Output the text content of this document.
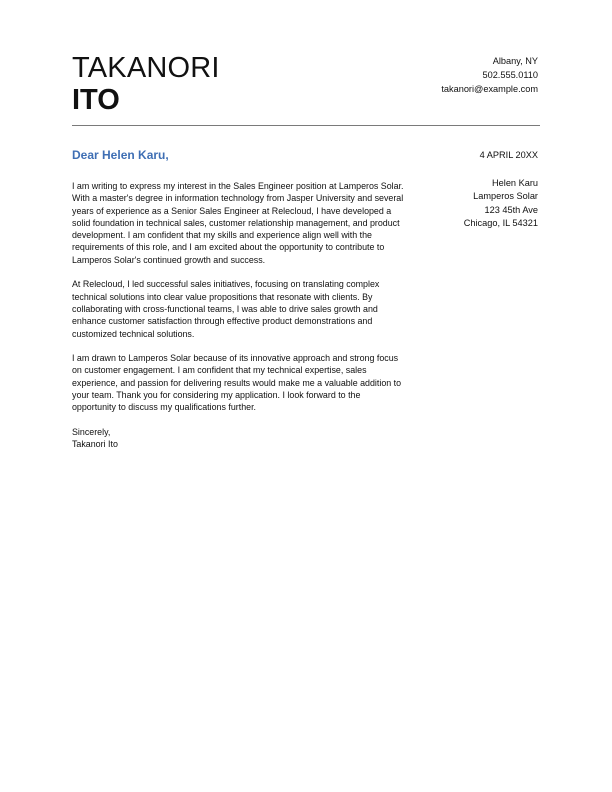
TAKANORI
ITO
Albany, NY
502.555.0110
takanori@example.com
Dear Helen Karu,	4 APRIL 20XX
Helen Karu
Lamperos Solar
123 45th Ave
Chicago, IL 54321

I am writing to express my interest in the Sales Engineer position at Lamperos Solar. With a master's degree in information technology from Jasper University and several years of experience as a Senior Sales Engineer at Relecloud, I have developed a solid foundation in technical sales, customer relationship management, and product development. I am confident that my skills and experience align well with the requirements of this role, and I am excited about the opportunity to contribute to Lamperos Solar's continued growth and success.

At Relecloud, I led successful sales initiatives, focusing on translating complex technical solutions into clear value propositions that resonate with clients. By collaborating with cross-functional teams, I was able to drive sales growth and enhance customer satisfaction through effective product demonstrations and customized technical solutions.

I am drawn to Lamperos Solar because of its innovative approach and strong focus on customer engagement. I am confident that my technical expertise, sales experience, and passion for delivering results would make me a valuable addition to your team. Thank you for considering my application. I look forward to the opportunity to discuss my qualifications further.

Sincerely,
Takanori Ito
